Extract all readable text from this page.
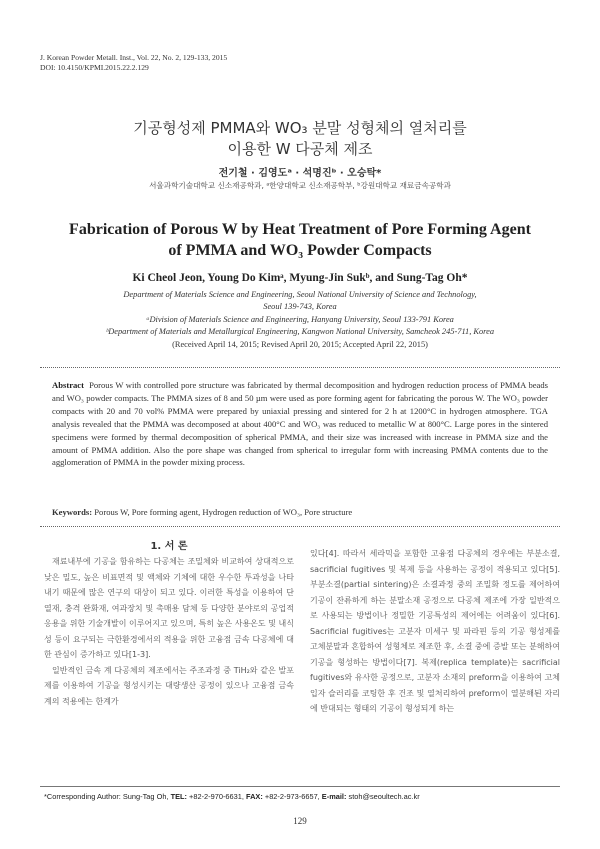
J. Korean Powder Metall. Inst., Vol. 22, No. 2, 129-133, 2015
DOI: 10.4150/KPMI.2015.22.2.129
기공형성제 PMMA와 WO₃ 분말 성형체의 열처리를
이용한 W 다공체 제조
전기철 · 김영도ᵃ · 석명진ᵇ · 오승탁*
서울과학기술대학교 신소재공학과, ᵃ한양대학교 신소재공학부, ᵇ강원대학교 재료금속공학과
Fabrication of Porous W by Heat Treatment of Pore Forming Agent
of PMMA and WO₃ Powder Compacts
Ki Cheol Jeon, Young Do Kimᵃ, Myung-Jin Sukᵇ, and Sung-Tag Oh*
Department of Materials Science and Engineering, Seoul National University of Science and Technology,
Seoul 139-743, Korea
ᵃDivision of Materials Science and Engineering, Hanyang University, Seoul 133-791 Korea
ᵇDepartment of Materials and Metallurgical Engineering, Kangwon National University, Samcheok 245-711, Korea
(Received April 14, 2015; Revised April 20, 2015; Accepted April 22, 2015)
Abstract Porous W with controlled pore structure was fabricated by thermal decomposition and hydrogen reduction process of PMMA beads and WO₃ powder compacts. The PMMA sizes of 8 and 50 µm were used as pore forming agent for fabricating the porous W. The WO₃ powder compacts with 20 and 70 vol% PMMA were prepared by uniaxial pressing and sintered for 2 h at 1200°C in hydrogen atmosphere. TGA analysis revealed that the PMMA was decomposed at about 400°C and WO₃ was reduced to metallic W at 800°C. Large pores in the sintered specimens were formed by thermal decomposition of spherical PMMA, and their size was increased with increase in PMMA size and the amount of PMMA addition. Also the pore shape was changed from spherical to irregular form with increasing PMMA contents due to the agglomeration of PMMA in the powder mixing process.
Keywords: Porous W, Pore forming agent, Hydrogen reduction of WO₃, Pore structure

1. 서 론

재료내부에 기공을 함유하는 다공체는 조밀체와 비교하여 상대적으로 낮은 밀도, 높은 비표면적 및 액체와 기체에 대한 우수한 투과성을 나타내기 때문에 많은 연구의 대상이 되고 있다. 이러한 특성을 이용하여 단열재, 충격 완화재, 여과장치 및 촉매용 담체 등 다양한 분야로의 공업적 응용을 위한 기술개발이 이루어지고 있으며, 특히 높은 사용온도 및 내식성 등이 요구되는 극한환경에서의 적용을 위한 고융점 금속 다공체에 대한 관심이 증가하고 있다[1-3].

일반적인 금속 계 다공체의 제조에서는 주조과정 중 TiH₂와 같은 발포제를 이용하여 기공을 형성시키는 대량생산 공정이 있으나 고융점 금속 계의 적용에는 한계가

있다[4]. 따라서 세라믹을 포함한 고융점 다공체의 경우에는 부분소결, sacrificial fugitives 및 복제 등을 사용하는 공정이 적용되고 있다[5]. 부분소결(partial sintering)은 소결과정 중의 조밀화 정도를 제어하여 기공이 잔류하게 하는 분말소재 공정으로 다공체 제조에 가장 일반적으로 사용되는 방법이나 정밀한 기공특성의 제어에는 어려움이 있다[6]. Sacrificial fugitives는 고분자 미세구 및 파라핀 등의 기공 형성제를 고체분말과 혼합하여 성형체로 제조한 후, 소결 중에 증발 또는 분해하여 기공을 형성하는 방법이다[7]. 복제(replica template)는 sacrificial fugitives와 유사한 공정으로, 고분자 소재의 preform을 이용하여 고체입자 슬러리를 코팅한 후 건조 및 열처리하여 preform이 열분해된 자리에 반대되는 형태의 기공이 형성되게 하는

*Corresponding Author: Sung-Tag Oh, TEL: +82-2-970-6631, FAX: +82-2-973-6657, E-mail: stoh@seoultech.ac.kr
129
